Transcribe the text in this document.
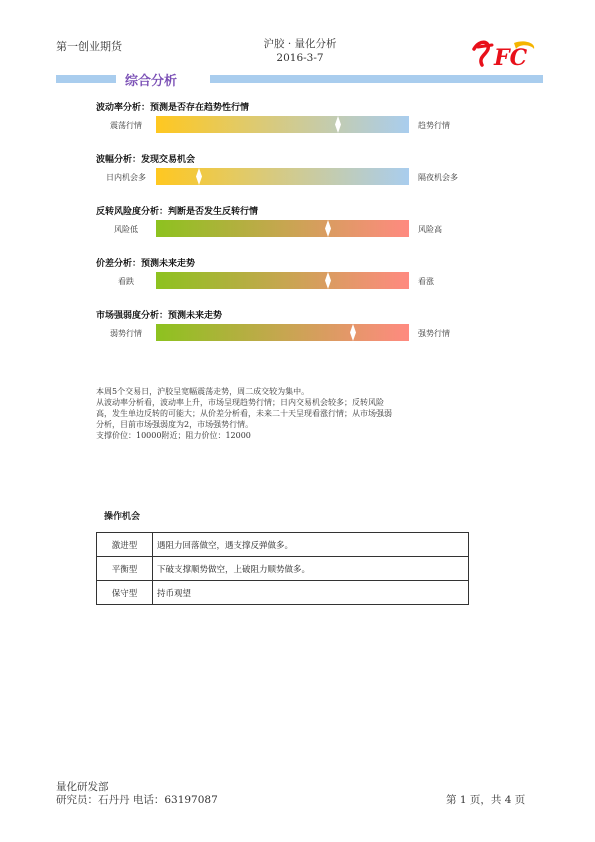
第一创业期货	沪胶 · 量化分析
2016-3-7	FC
综合分析
波动率分析：预测是否存在趋势性行情
震荡行情	趋势行情
波幅分析：发现交易机会
日内机会多	隔夜机会多
反转风险度分析：判断是否发生反转行情
风险低	风险高
价差分析：预测未来走势
看跌	看涨
市场强弱度分析：预测未来走势
弱势行情	强势行情

本周5个交易日，沪胶呈宽幅震荡走势，周二成交较为集中。

从波动率分析看，波动率上升，市场呈现趋势行情；日内交易机会较多；反转风险

高，发生单边反转的可能大；从价差分析看，未来二十天呈现看涨行情；从市场强弱

分析，目前市场强弱度为2，市场强势行情。

支撑价位：10000附近；阻力价位：12000

操作机会
激进型	遇阻力回落做空，遇支撑反弹做多。
平衡型	下破支撑顺势做空，上破阻力顺势做多。
保守型	持币观望
量化研发部
研究员：石丹丹 电话：63197087	第 1 页，共 4 页
